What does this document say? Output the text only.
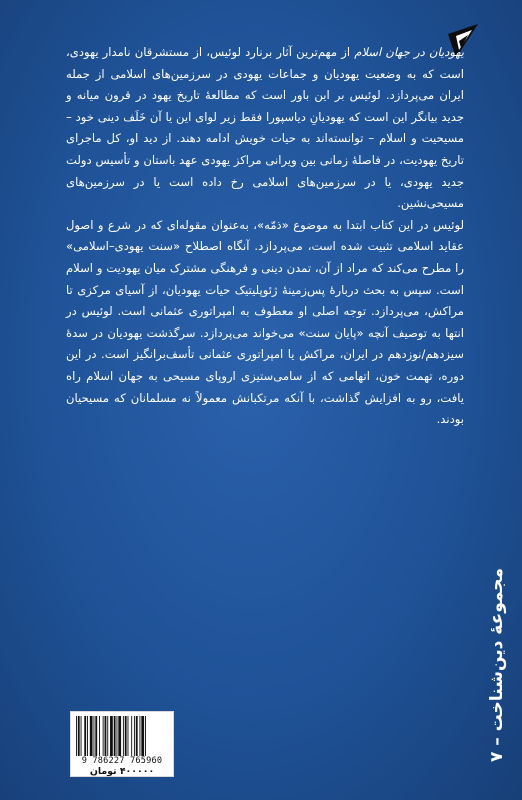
یهودیان در جهان اسلام از مهم‌ترین آثار برنارد لوئیس، از مستشرقان نامدار یهودی، است که به وضعیت یهودیان و جماعات یهودی در سرزمین‌های اسلامی از جمله ایران می‌پردازد. لوئیس بر این باور است که مطالعهٔ تاریخ یهود در قرون میانه و جدید بیانگر این است که یهودیانِ دیاسپورا فقط زیر لوای این یا آن خَلَف دینی خود – مسیحیت و اسلام – توانسته‌اند به حیات خویش ادامه دهند. از دید او، کل ماجرای تاریخ یهودیت، در فاصلهٔ زمانی بین ویرانی مراکز یهودی عهد باستان و تأسیس دولت جدید یهودی، یا در سرزمین‌های اسلامی رخ داده است یا در سرزمین‌های مسیحی‌نشین.

لوئیس در این کتاب ابتدا به موضوع «ذمّه»، به‌عنوان مقوله‌ای که در شرع و اصول عقاید اسلامی تثبیت شده است، می‌پردازد. آنگاه اصطلاح «سنت یهودی–اسلامی» را مطرح می‌کند که مراد از آن، تمدن دینی و فرهنگی مشترک میان یهودیت و اسلام است. سپس به بحث دربارهٔ پس‌زمینهٔ ژئوپلیتیک حیات یهودیان، از آسیای مرکزی تا مراکش، می‌پردازد. توجه اصلی او معطوف به امپراتوری عثمانی است. لوئیس در انتها به توصیف آنچه «پایان سنت» می‌خواند می‌پردازد. سرگذشت یهودیان در سدهٔ سیزدهم/نوزدهم در ایران، مراکش یا امپراتوری عثمانی تأسف‌برانگیز است. در این دوره، تهمت خون، اتهامی که از سامی‌ستیزی اروپای مسیحی به جهان اسلام راه یافت، رو به افزایش گذاشت، با آنکه مرتکبانش معمولاً نه مسلمانان که مسیحیان بودند.

مجموعهٔ دین‌شناخت – ۷
9 786227 765960
۴۰۰۰۰۰ تومان
